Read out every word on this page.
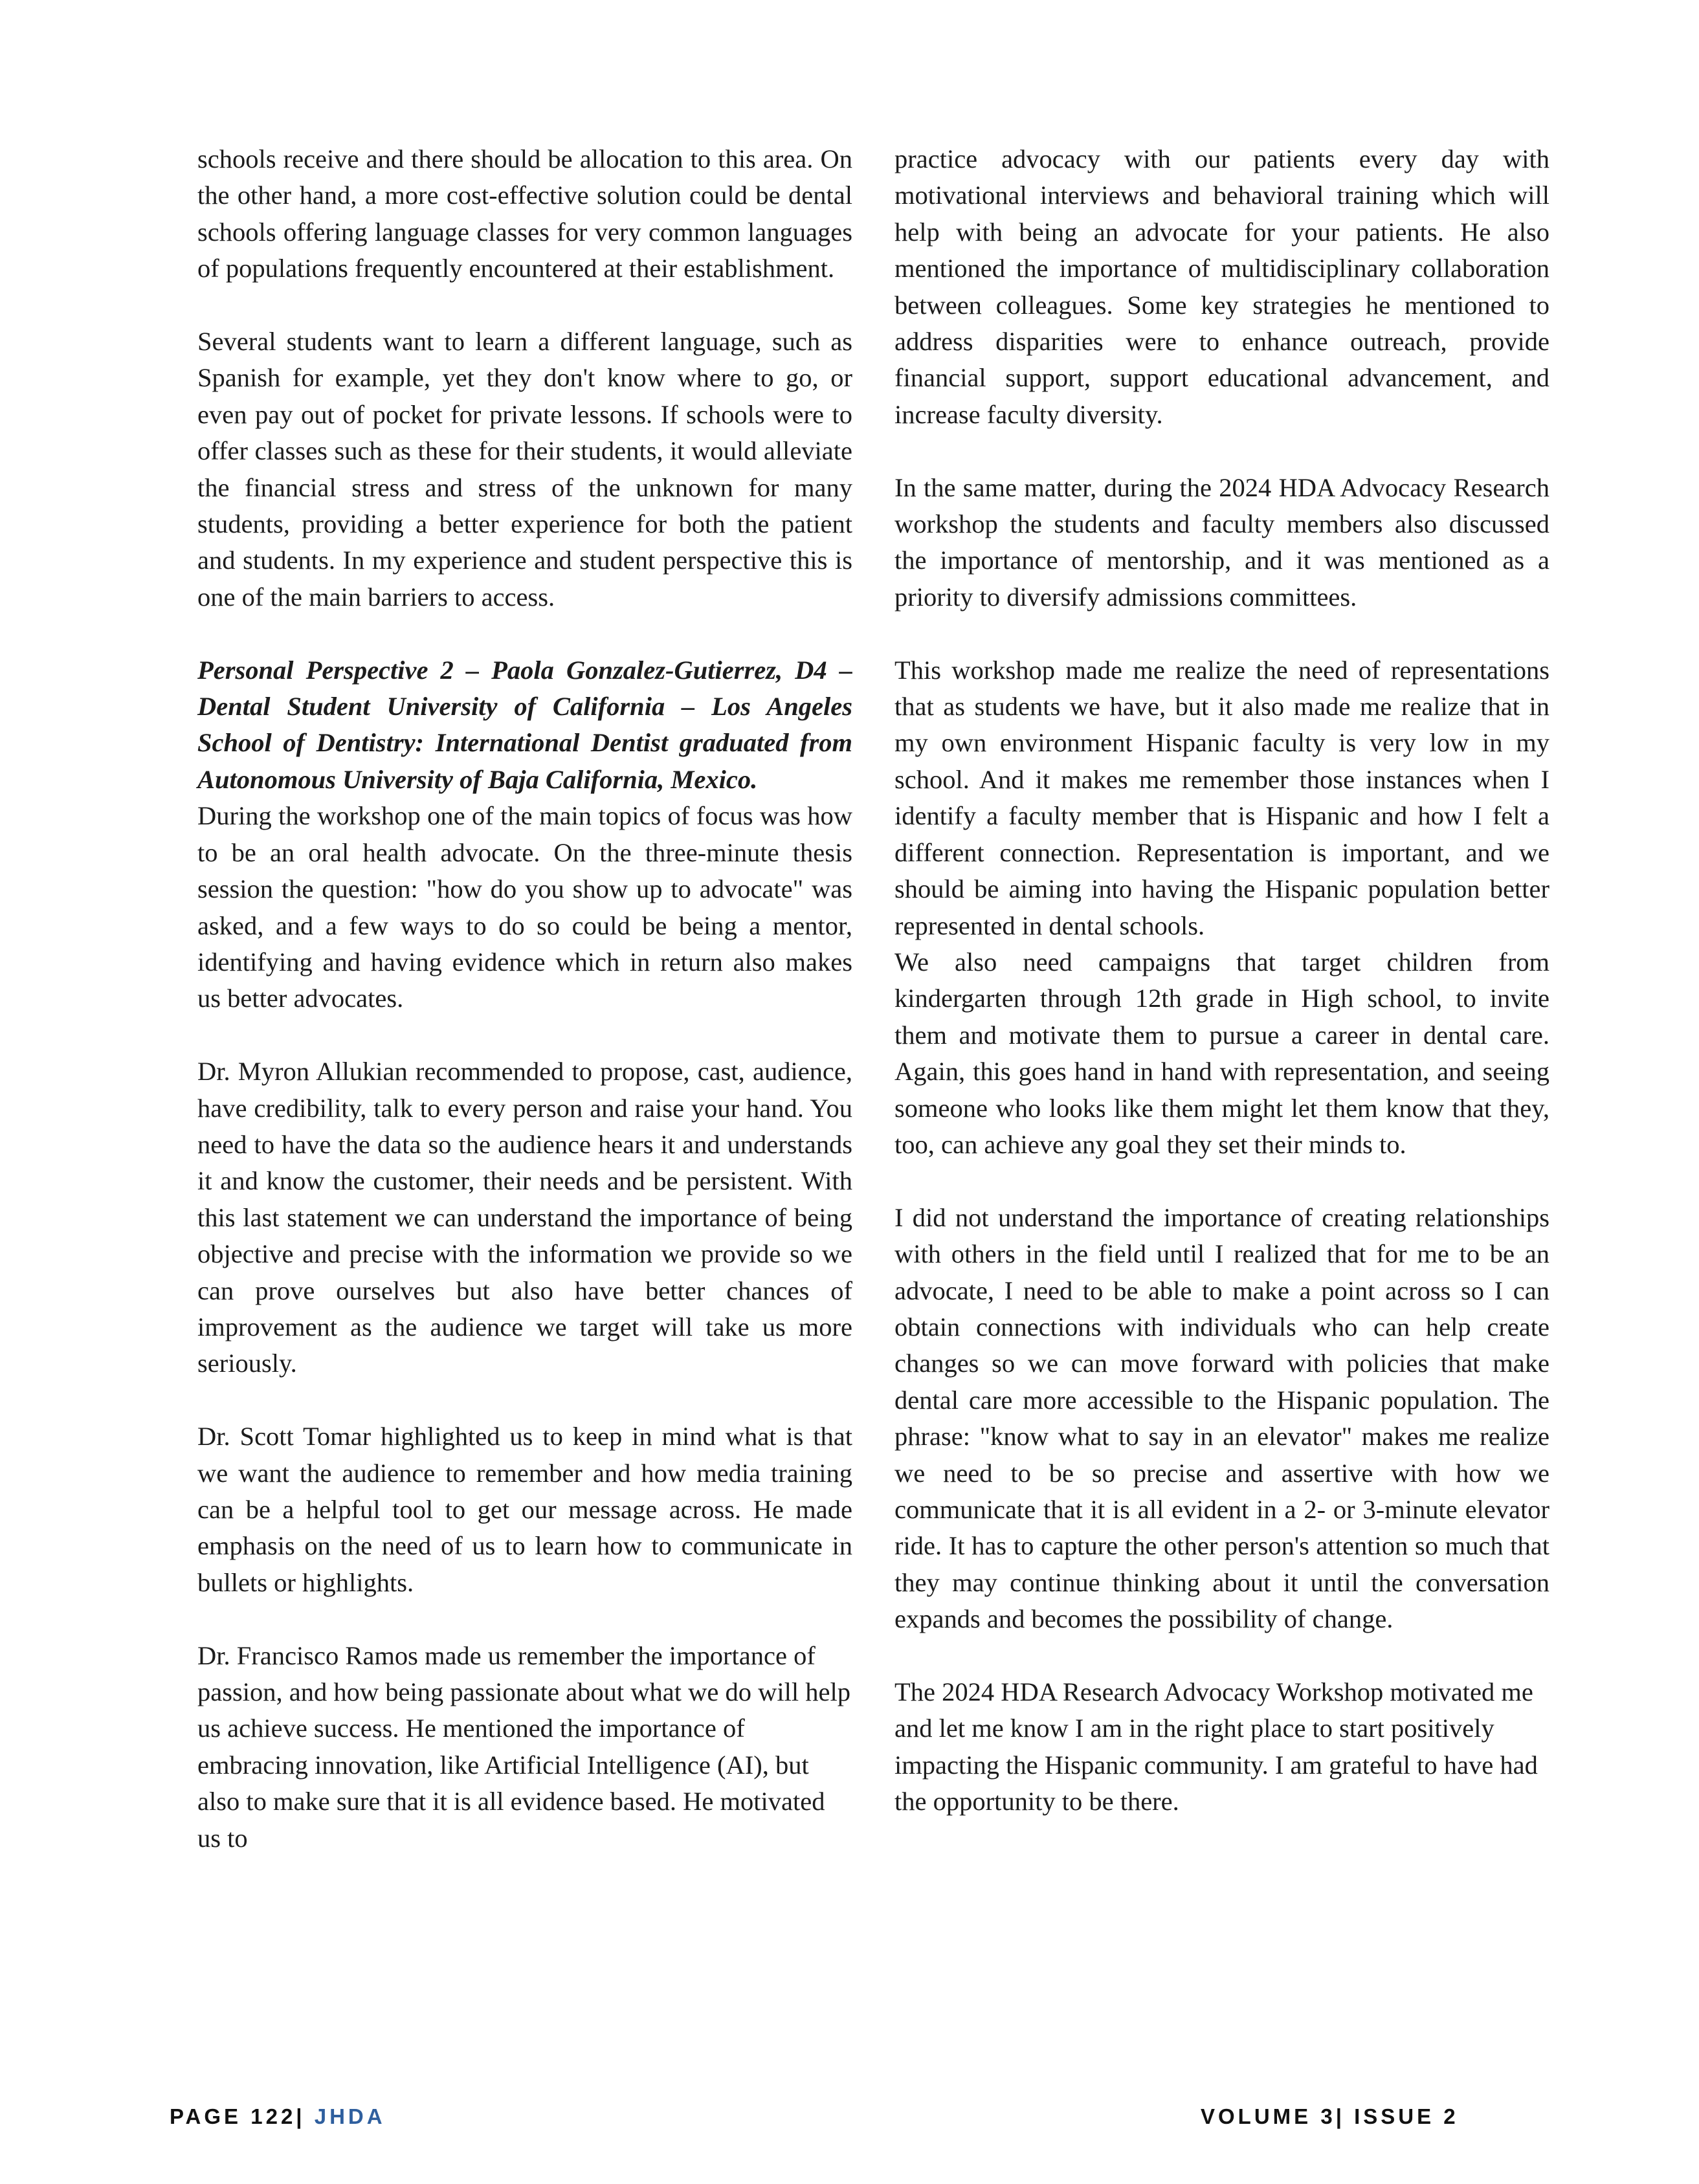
schools receive and there should be allocation to this area. On the other hand, a more cost-effective solution could be dental schools offering language classes for very common languages of populations frequently encountered at their establishment.

Several students want to learn a different language, such as Spanish for example, yet they don't know where to go, or even pay out of pocket for private lessons. If schools were to offer classes such as these for their students, it would alleviate the financial stress and stress of the unknown for many students, providing a better experience for both the patient and students. In my experience and student perspective this is one of the main barriers to access.

Personal Perspective 2 – Paola Gonzalez-Gutierrez, D4 – Dental Student University of California – Los Angeles School of Dentistry: International Dentist graduated from Autonomous University of Baja California, Mexico.

During the workshop one of the main topics of focus was how to be an oral health advocate. On the three-minute thesis session the question: "how do you show up to advocate" was asked, and a few ways to do so could be being a mentor, identifying and having evidence which in return also makes us better advocates.

Dr. Myron Allukian recommended to propose, cast, audience, have credibility, talk to every person and raise your hand. You need to have the data so the audience hears it and understands it and know the customer, their needs and be persistent. With this last statement we can understand the importance of being objective and precise with the information we provide so we can prove ourselves but also have better chances of improvement as the audience we target will take us more seriously.

Dr. Scott Tomar highlighted us to keep in mind what is that we want the audience to remember and how media training can be a helpful tool to get our message across. He made emphasis on the need of us to learn how to communicate in bullets or highlights.

Dr. Francisco Ramos made us remember the importance of passion, and how being passionate about what we do will help us achieve success. He mentioned the importance of embracing innovation, like Artificial Intelligence (AI), but also to make sure that it is all evidence based. He motivated us to

practice advocacy with our patients every day with motivational interviews and behavioral training which will help with being an advocate for your patients. He also mentioned the importance of multidisciplinary collaboration between colleagues. Some key strategies he mentioned to address disparities were to enhance outreach, provide financial support, support educational advancement, and increase faculty diversity.

In the same matter, during the 2024 HDA Advocacy Research workshop the students and faculty members also discussed the importance of mentorship, and it was mentioned as a priority to diversify admissions committees.

This workshop made me realize the need of representations that as students we have, but it also made me realize that in my own environment Hispanic faculty is very low in my school. And it makes me remember those instances when I identify a faculty member that is Hispanic and how I felt a different connection. Representation is important, and we should be aiming into having the Hispanic population better represented in dental schools.

We also need campaigns that target children from kindergarten through 12th grade in High school, to invite them and motivate them to pursue a career in dental care. Again, this goes hand in hand with representation, and seeing someone who looks like them might let them know that they, too, can achieve any goal they set their minds to.

I did not understand the importance of creating relationships with others in the field until I realized that for me to be an advocate, I need to be able to make a point across so I can obtain connections with individuals who can help create changes so we can move forward with policies that make dental care more accessible to the Hispanic population. The phrase: "know what to say in an elevator" makes me realize we need to be so precise and assertive with how we communicate that it is all evident in a 2- or 3-minute elevator ride. It has to capture the other person's attention so much that they may continue thinking about it until the conversation expands and becomes the possibility of change.

The 2024 HDA Research Advocacy Workshop motivated me and let me know I am in the right place to start positively impacting the Hispanic community. I am grateful to have had the opportunity to be there.

PAGE 122| JHDA	VOLUME 3| ISSUE 2
